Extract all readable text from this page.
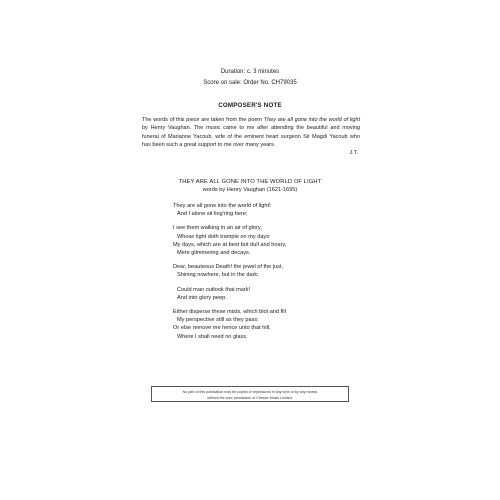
Duration: c. 3 minutes
Score on sale: Order No. CH79035
COMPOSER'S NOTE
The words of this piece are taken from the poem They are all gone into the world of light by Henry Vaughan. The music came to me after attending the beautiful and moving funeral of Marianne Yacoub, wife of the eminent heart surgeon Sir Magdi Yacoub who has been such a great support to me over many years.
J.T.
THEY ARE ALL GONE INTO THE WORLD OF LIGHT
words by Henry Vaughan (1621-1695)
They are all gone into the world of light!
And I alone sit ling'ring here;
I see them walking in an air of glory,
Whose light doth trample on my days:
My days, which are at best but dull and hoary,
Mere glimmering and decays.
Dear, beauteous Death! the jewel of the just,
Shining nowhere, but in the dark;
Could man outlook that mark!
And into glory peep.
Either disperse these mists, which blot and fill
My perspective still as they pass:
Or else remove me hence unto that hill,
Where I shall need no glass.
No part of this publication may be copied or reproduced in any form or by any means
without the prior permission of Chester Music Limited.
